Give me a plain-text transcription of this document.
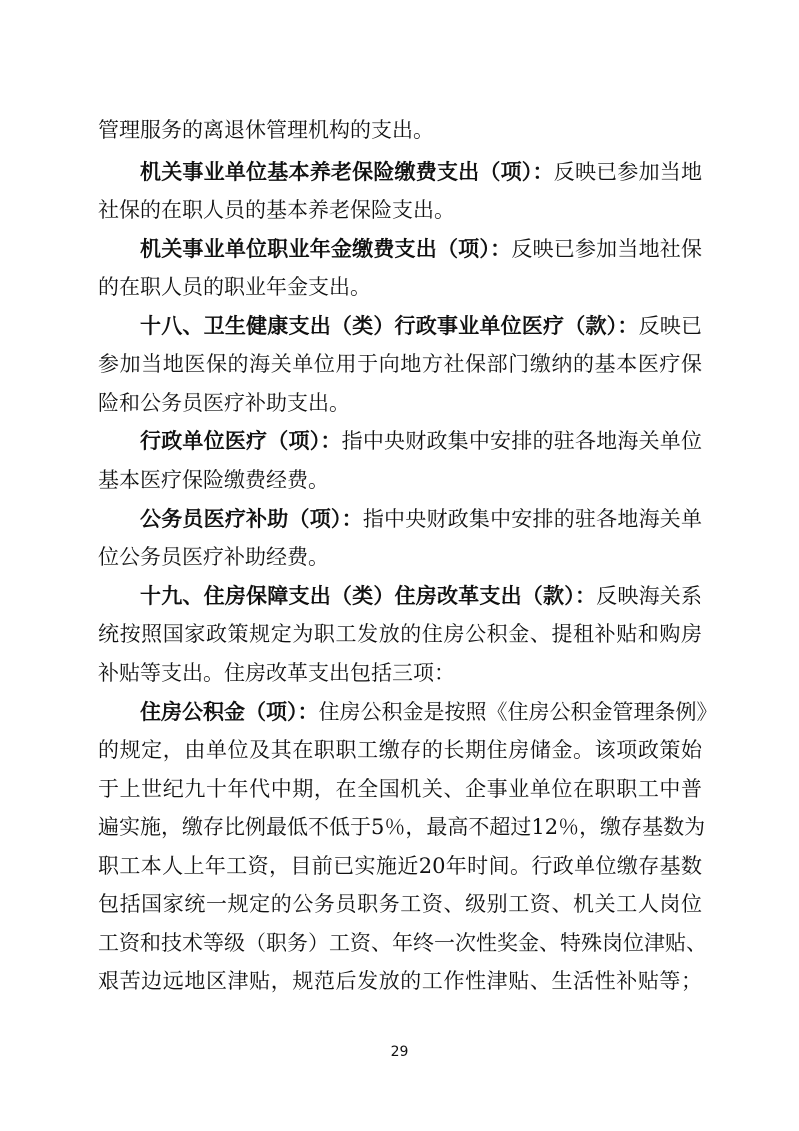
管理服务的离退休管理机构的支出。
机关事业单位基本养老保险缴费支出（项）：反映已参加当地
社保的在职人员的基本养老保险支出。
机关事业单位职业年金缴费支出（项）：反映已参加当地社保
的在职人员的职业年金支出。
十八、卫生健康支出（类）行政事业单位医疗（款）：反映已
参加当地医保的海关单位用于向地方社保部门缴纳的基本医疗保
险和公务员医疗补助支出。
行政单位医疗（项）：指中央财政集中安排的驻各地海关单位
基本医疗保险缴费经费。
公务员医疗补助（项）：指中央财政集中安排的驻各地海关单
位公务员医疗补助经费。
十九、住房保障支出（类）住房改革支出（款）：反映海关系
统按照国家政策规定为职工发放的住房公积金、提租补贴和购房
补贴等支出。住房改革支出包括三项：
住房公积金（项）：住房公积金是按照《住房公积金管理条例》
的规定，由单位及其在职职工缴存的长期住房储金。该项政策始
于上世纪九十年代中期，在全国机关、企事业单位在职职工中普
遍实施，缴存比例最低不低于5％，最高不超过12％，缴存基数为
职工本人上年工资，目前已实施近20年时间。行政单位缴存基数
包括国家统一规定的公务员职务工资、级别工资、机关工人岗位
工资和技术等级（职务）工资、年终一次性奖金、特殊岗位津贴、
艰苦边远地区津贴，规范后发放的工作性津贴、生活性补贴等；
29
